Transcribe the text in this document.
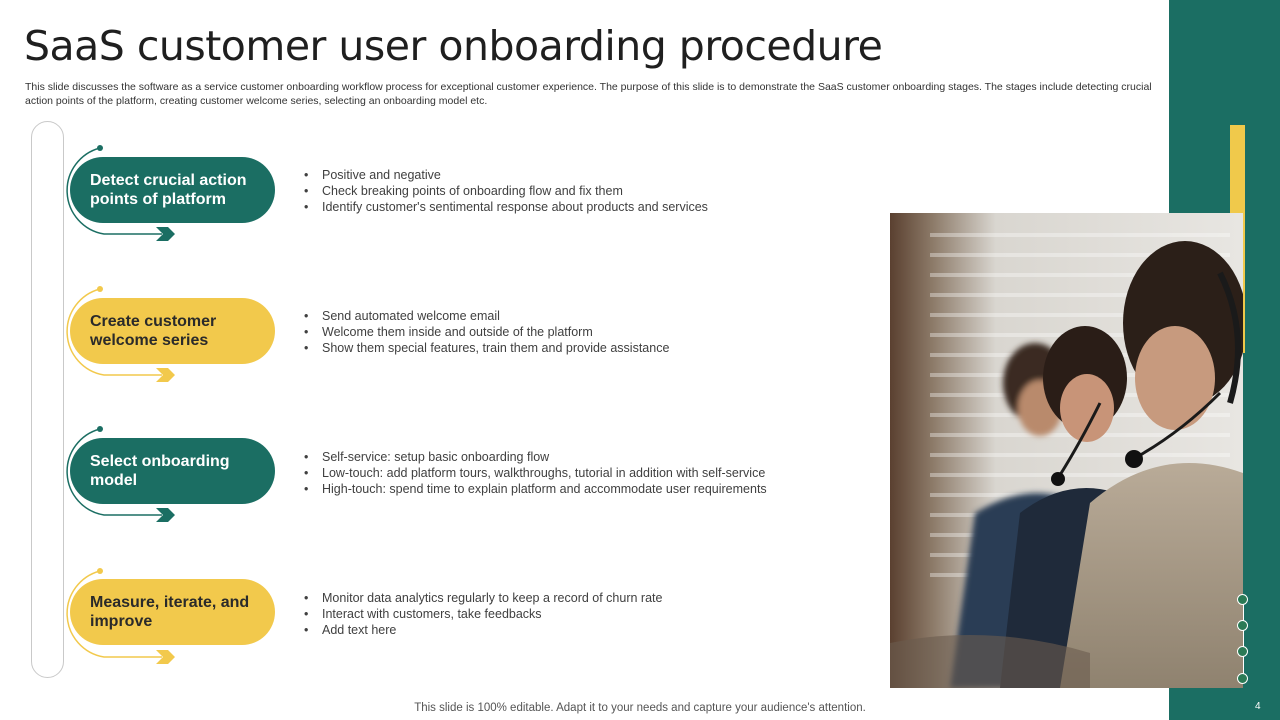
SaaS customer user onboarding procedure
This slide discusses the software as a service customer onboarding workflow process for exceptional customer experience. The purpose of this slide is to demonstrate the SaaS customer onboarding stages. The stages include detecting crucial action points of the platform, creating customer welcome series, selecting an onboarding model etc.
Detect crucial action points of platform
• Positive and negative
• Check breaking points of onboarding flow and fix them
• Identify customer's sentimental response about products and services
Create customer welcome series
• Send automated welcome email
• Welcome them inside and outside of the platform
• Show them special features, train them and provide assistance
Select onboarding model
• Self-service: setup basic onboarding flow
• Low-touch: add platform tours, walkthroughs, tutorial in addition with self-service
• High-touch: spend time to explain platform and accommodate user requirements
Measure, iterate, and improve
• Monitor data analytics regularly to keep a record of churn rate
• Interact with customers, take feedbacks
• Add text here
This slide is 100% editable. Adapt it to your needs and capture your audience's attention.	4
